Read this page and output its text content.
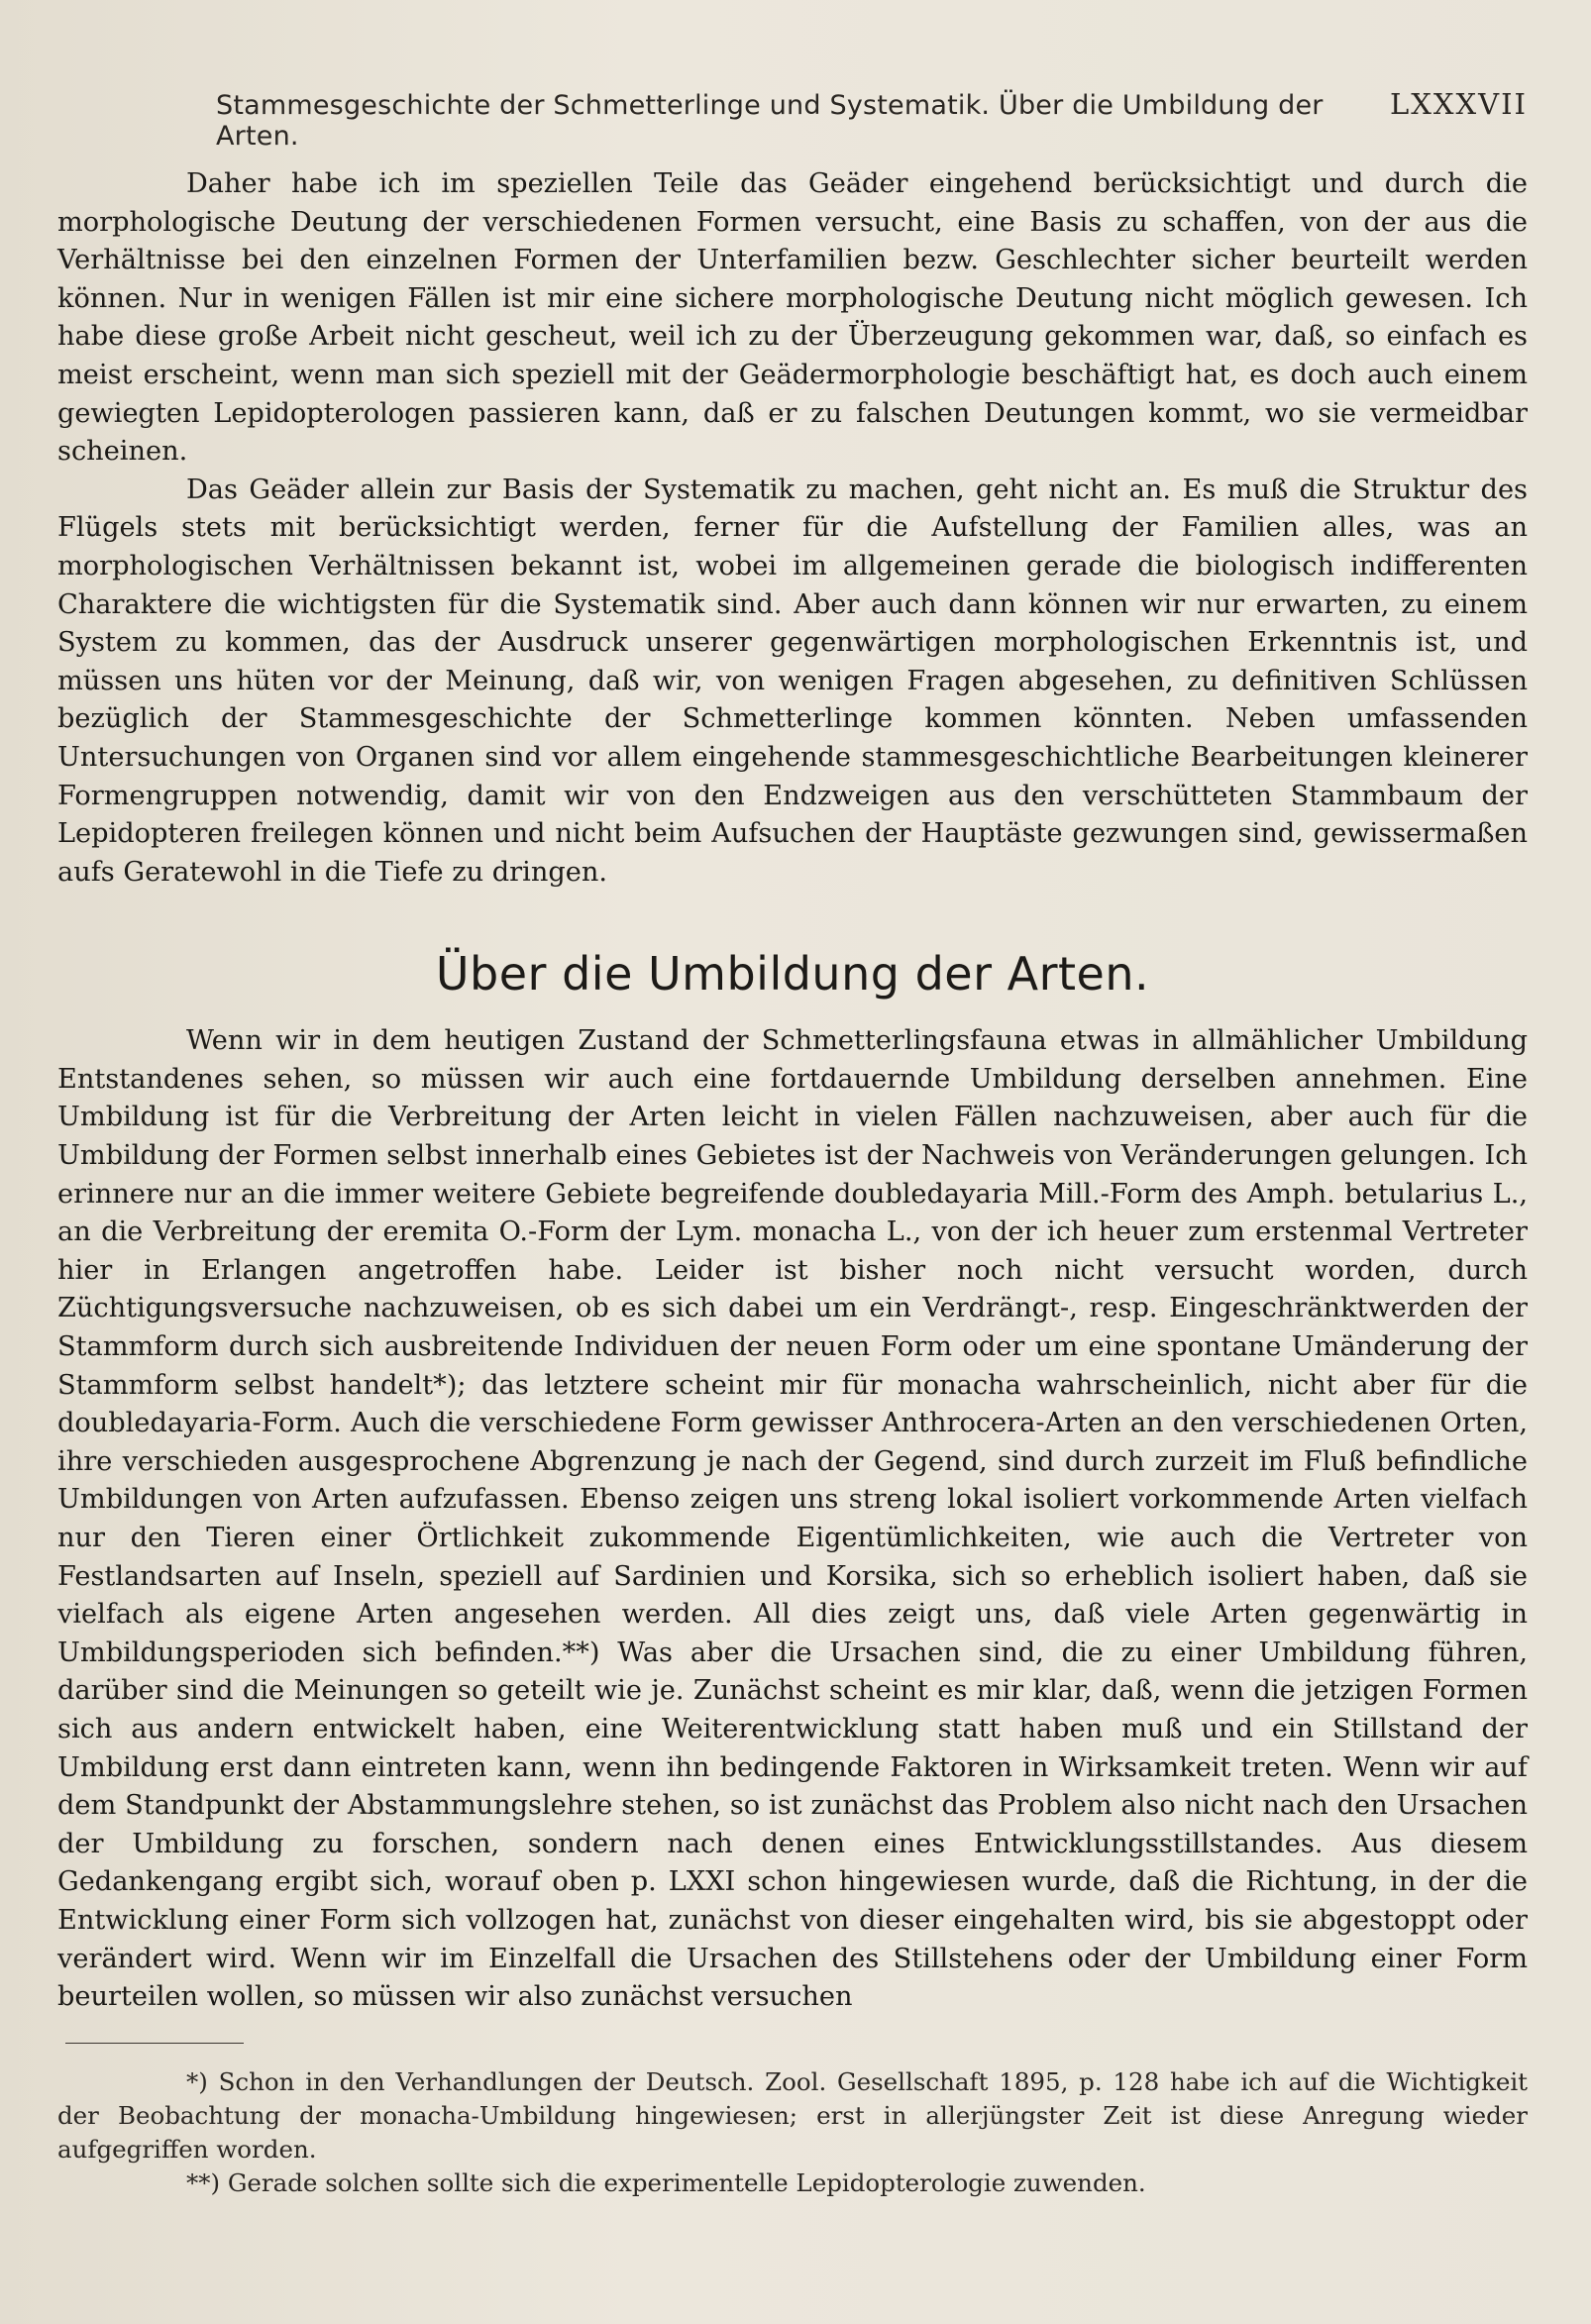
Stammesgeschichte der Schmetterlinge und Systematik. Über die Umbildung der Arten.
LXXXVII

Daher habe ich im speziellen Teile das Geäder eingehend berücksichtigt und durch die morphologische Deutung der verschiedenen Formen versucht, eine Basis zu schaffen, von der aus die Verhältnisse bei den einzelnen Formen der Unterfamilien bezw. Geschlechter sicher beurteilt werden können. Nur in wenigen Fällen ist mir eine sichere morphologische Deutung nicht möglich gewesen. Ich habe diese große Arbeit nicht gescheut, weil ich zu der Überzeugung gekommen war, daß, so einfach es meist erscheint, wenn man sich speziell mit der Geädermorphologie beschäftigt hat, es doch auch einem gewiegten Lepidopterologen passieren kann, daß er zu falschen Deutungen kommt, wo sie vermeidbar scheinen.

Das Geäder allein zur Basis der Systematik zu machen, geht nicht an. Es muß die Struktur des Flügels stets mit berücksichtigt werden, ferner für die Aufstellung der Familien alles, was an morphologischen Verhältnissen bekannt ist, wobei im allgemeinen gerade die biologisch indifferenten Charaktere die wichtigsten für die Systematik sind. Aber auch dann können wir nur erwarten, zu einem System zu kommen, das der Ausdruck unserer gegenwärtigen morphologischen Erkenntnis ist, und müssen uns hüten vor der Meinung, daß wir, von wenigen Fragen abgesehen, zu definitiven Schlüssen bezüglich der Stammesgeschichte der Schmetterlinge kommen könnten. Neben umfassenden Untersuchungen von Organen sind vor allem eingehende stammesgeschichtliche Bearbeitungen kleinerer Formengruppen notwendig, damit wir von den Endzweigen aus den verschütteten Stammbaum der Lepidopteren freilegen können und nicht beim Aufsuchen der Hauptäste gezwungen sind, gewissermaßen aufs Geratewohl in die Tiefe zu dringen.

Über die Umbildung der Arten.

Wenn wir in dem heutigen Zustand der Schmetterlingsfauna etwas in allmählicher Umbildung Entstandenes sehen, so müssen wir auch eine fortdauernde Umbildung derselben annehmen. Eine Umbildung ist für die Verbreitung der Arten leicht in vielen Fällen nachzuweisen, aber auch für die Umbildung der Formen selbst innerhalb eines Gebietes ist der Nachweis von Veränderungen gelungen. Ich erinnere nur an die immer weitere Gebiete begreifende doubledayaria Mill.-Form des Amph. betularius L., an die Verbreitung der eremita O.-Form der Lym. monacha L., von der ich heuer zum erstenmal Vertreter hier in Erlangen angetroffen habe. Leider ist bisher noch nicht versucht worden, durch Züchtigungsversuche nachzuweisen, ob es sich dabei um ein Verdrängt-, resp. Eingeschränktwerden der Stammform durch sich ausbreitende Individuen der neuen Form oder um eine spontane Umänderung der Stammform selbst handelt*); das letztere scheint mir für monacha wahrscheinlich, nicht aber für die doubledayaria-Form. Auch die verschiedene Form gewisser Anthrocera-Arten an den verschiedenen Orten, ihre verschieden ausgesprochene Abgrenzung je nach der Gegend, sind durch zurzeit im Fluß befindliche Umbildungen von Arten aufzufassen. Ebenso zeigen uns streng lokal isoliert vorkommende Arten vielfach nur den Tieren einer Örtlichkeit zukommende Eigentümlichkeiten, wie auch die Vertreter von Festlandsarten auf Inseln, speziell auf Sardinien und Korsika, sich so erheblich isoliert haben, daß sie vielfach als eigene Arten angesehen werden. All dies zeigt uns, daß viele Arten gegenwärtig in Umbildungsperioden sich befinden.**) Was aber die Ursachen sind, die zu einer Umbildung führen, darüber sind die Meinungen so geteilt wie je. Zunächst scheint es mir klar, daß, wenn die jetzigen Formen sich aus andern entwickelt haben, eine Weiterentwicklung statt haben muß und ein Stillstand der Umbildung erst dann eintreten kann, wenn ihn bedingende Faktoren in Wirksamkeit treten. Wenn wir auf dem Standpunkt der Abstammungslehre stehen, so ist zunächst das Problem also nicht nach den Ursachen der Umbildung zu forschen, sondern nach denen eines Entwicklungsstillstandes. Aus diesem Gedankengang ergibt sich, worauf oben p. LXXI schon hingewiesen wurde, daß die Richtung, in der die Entwicklung einer Form sich vollzogen hat, zunächst von dieser eingehalten wird, bis sie abgestoppt oder verändert wird. Wenn wir im Einzelfall die Ursachen des Stillstehens oder der Umbildung einer Form beurteilen wollen, so müssen wir also zunächst versuchen

*) Schon in den Verhandlungen der Deutsch. Zool. Gesellschaft 1895, p. 128 habe ich auf die Wichtigkeit der Beobachtung der monacha-Umbildung hingewiesen; erst in allerjüngster Zeit ist diese Anregung wieder aufgegriffen worden.

**) Gerade solchen sollte sich die experimentelle Lepidopterologie zuwenden.
